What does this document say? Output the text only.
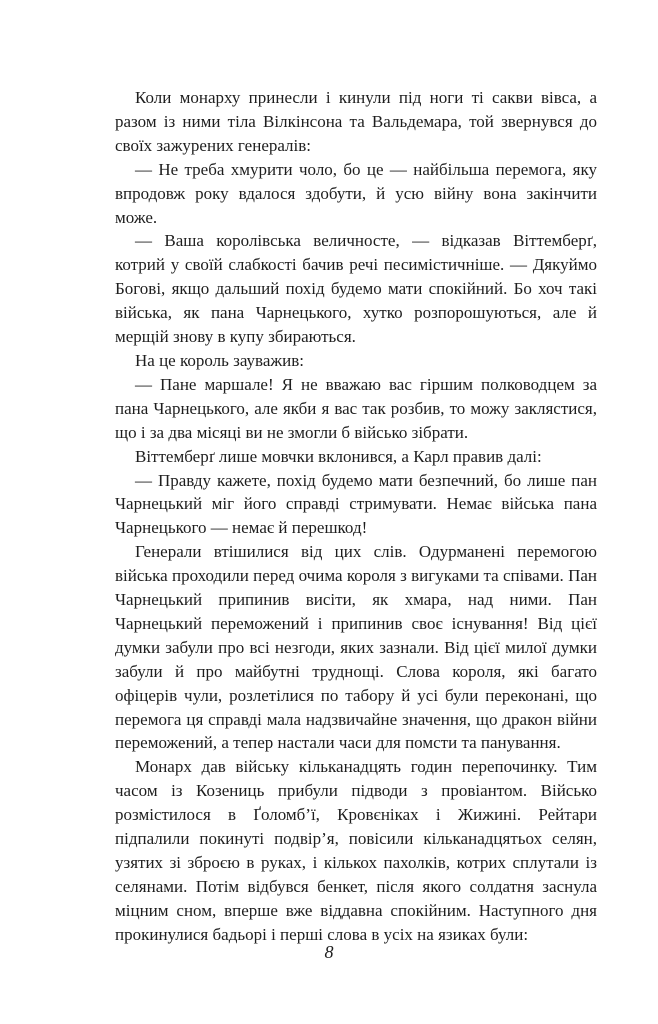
Коли монарху принесли і кинули під ноги ті сакви вівса, а разом із ними тіла Вілкінсона та Вальдемара, той звернувся до своїх зажурених генералів:

— Не треба хмурити чоло, бо це — найбільша перемога, яку впродовж року вдалося здобути, й усю війну вона закінчити може.

— Ваша королівська величносте, — відказав Віттемберґ, котрий у своїй слабкості бачив речі песимістичніше. — Дякуймо Богові, якщо дальший похід будемо мати спокійний. Бо хоч такі війська, як пана Чарнецького, хутко розпорошуються, але й мерщій знову в купу збираються.

На це король зауважив:

— Пане маршале! Я не вважаю вас гіршим полководцем за пана Чарнецького, але якби я вас так розбив, то можу заклястися, що і за два місяці ви не змогли б військо зібрати.

Віттемберґ лише мовчки вклонився, а Карл правив далі:

— Правду кажете, похід будемо мати безпечний, бо лише пан Чарнецький міг його справді стримувати. Немає війська пана Чарнецького — немає й перешкод!

Генерали втішилися від цих слів. Одурманені перемогою війська проходили перед очима короля з вигуками та співами. Пан Чарнецький припинив висіти, як хмара, над ними. Пан Чарнецький переможений і припинив своє існування! Від цієї думки забули про всі незгоди, яких зазнали. Від цієї милої думки забули й про майбутні труднощі. Слова короля, які багато офіцерів чули, розлетілися по табору й усі були переконані, що перемога ця справді мала надзвичайне значення, що дракон війни переможений, а тепер настали часи для помсти та панування.

Монарх дав війську кільканадцять годин перепочинку. Тим часом із Козениць прибули підводи з провіантом. Військо розмістилося в Ґоломб’ї, Кровєніках і Жижині. Рейтари підпалили покинуті подвір’я, повісили кільканадцятьох селян, узятих зі зброєю в руках, і кількох пахолків, котрих сплутали із селянами. Потім відбувся бенкет, після якого солдатня заснула міцним сном, вперше вже віддавна спокійним. Наступного дня прокинулися бадьорі і перші слова в усіх на язиках були:

8
